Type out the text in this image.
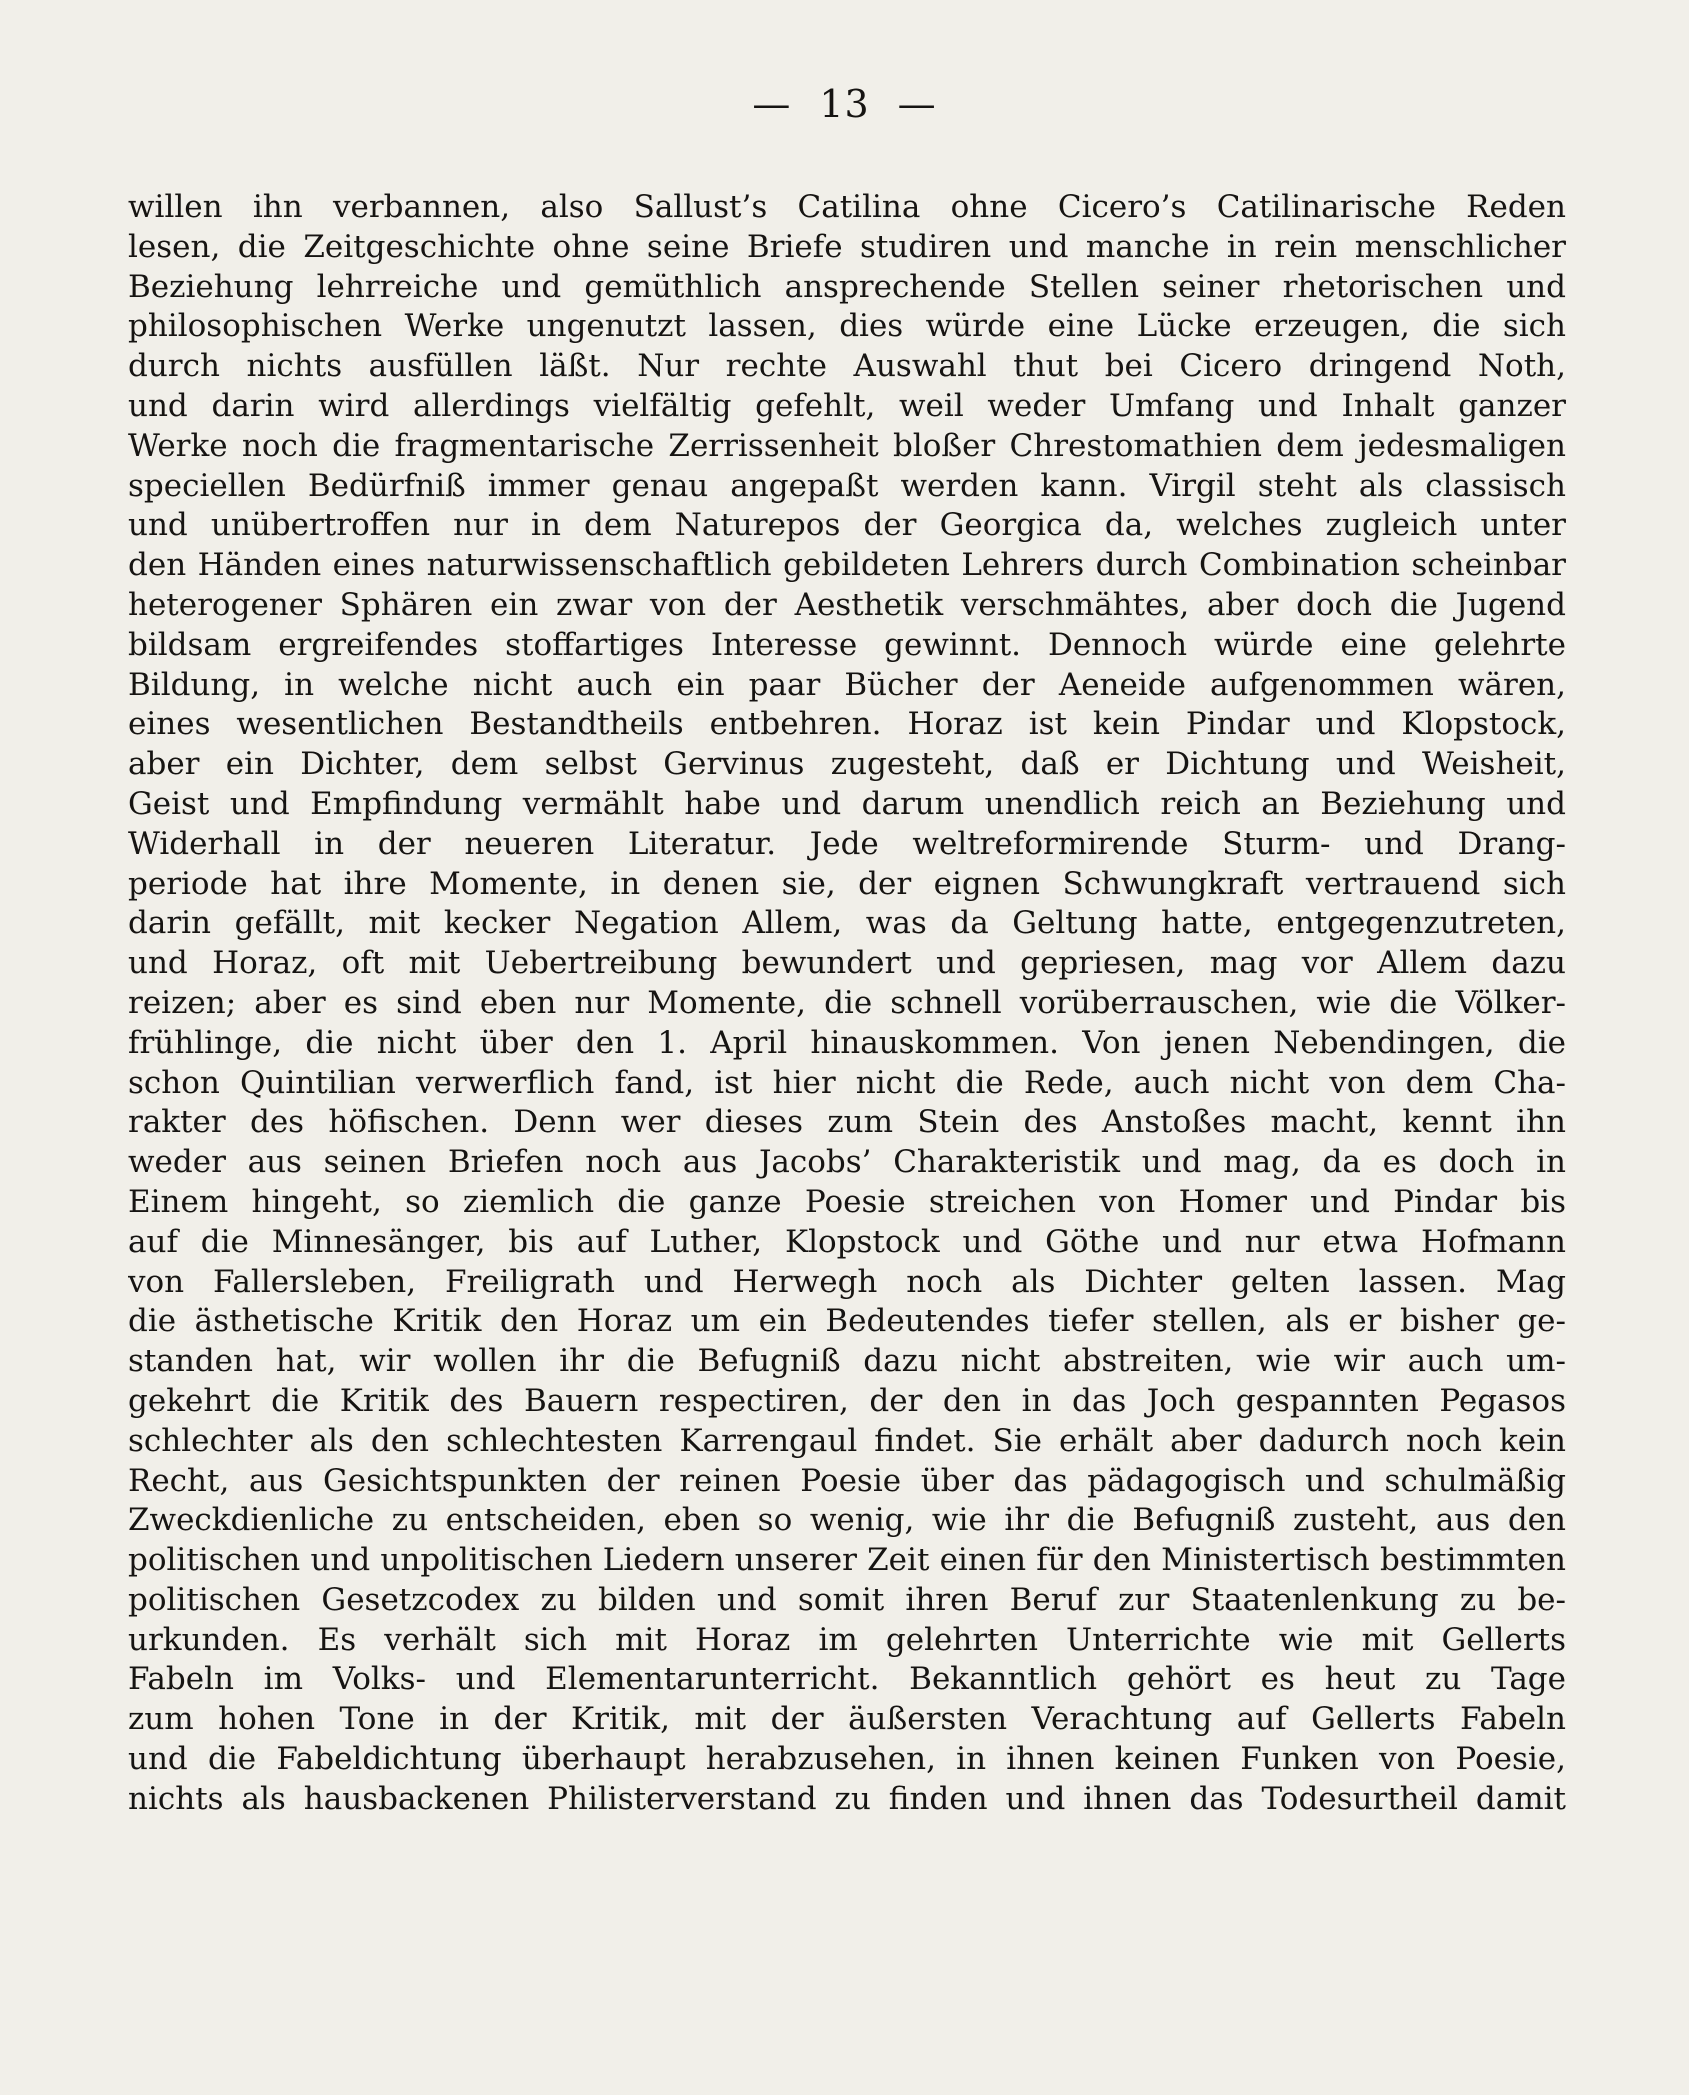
— 13 —
willen ihn verbannen, also Sallust’s Catilina ohne Cicero’s Catilinarische Reden
lesen, die Zeitgeschichte ohne seine Briefe studiren und manche in rein menschlicher
Beziehung lehrreiche und gemüthlich ansprechende Stellen seiner rhetorischen und
philosophischen Werke ungenutzt lassen, dies würde eine Lücke erzeugen, die sich
durch nichts ausfüllen läßt. Nur rechte Auswahl thut bei Cicero dringend Noth,
und darin wird allerdings vielfältig gefehlt, weil weder Umfang und Inhalt ganzer
Werke noch die fragmentarische Zerrissenheit bloßer Chrestomathien dem jedesmaligen
speciellen Bedürfniß immer genau angepaßt werden kann. Virgil steht als classisch
und unübertroffen nur in dem Naturepos der Georgica da, welches zugleich unter
den Händen eines naturwissenschaftlich gebildeten Lehrers durch Combination scheinbar
heterogener Sphären ein zwar von der Aesthetik verschmähtes, aber doch die Jugend
bildsam ergreifendes stoffartiges Interesse gewinnt. Dennoch würde eine gelehrte
Bildung, in welche nicht auch ein paar Bücher der Aeneide aufgenommen wären,
eines wesentlichen Bestandtheils entbehren. Horaz ist kein Pindar und Klopstock,
aber ein Dichter, dem selbst Gervinus zugesteht, daß er Dichtung und Weisheit,
Geist und Empfindung vermählt habe und darum unendlich reich an Beziehung und
Widerhall in der neueren Literatur. Jede weltreformirende Sturm- und Drang-
periode hat ihre Momente, in denen sie, der eignen Schwungkraft vertrauend sich
darin gefällt, mit kecker Negation Allem, was da Geltung hatte, entgegenzutreten,
und Horaz, oft mit Uebertreibung bewundert und gepriesen, mag vor Allem dazu
reizen; aber es sind eben nur Momente, die schnell vorüberrauschen, wie die Völker-
frühlinge, die nicht über den 1. April hinauskommen. Von jenen Nebendingen, die
schon Quintilian verwerflich fand, ist hier nicht die Rede, auch nicht von dem Cha-
rakter des höfischen. Denn wer dieses zum Stein des Anstoßes macht, kennt ihn
weder aus seinen Briefen noch aus Jacobs’ Charakteristik und mag, da es doch in
Einem hingeht, so ziemlich die ganze Poesie streichen von Homer und Pindar bis
auf die Minnesänger, bis auf Luther, Klopstock und Göthe und nur etwa Hofmann
von Fallersleben, Freiligrath und Herwegh noch als Dichter gelten lassen. Mag
die ästhetische Kritik den Horaz um ein Bedeutendes tiefer stellen, als er bisher ge-
standen hat, wir wollen ihr die Befugniß dazu nicht abstreiten, wie wir auch um-
gekehrt die Kritik des Bauern respectiren, der den in das Joch gespannten Pegasos
schlechter als den schlechtesten Karrengaul findet. Sie erhält aber dadurch noch kein
Recht, aus Gesichtspunkten der reinen Poesie über das pädagogisch und schulmäßig
Zweckdienliche zu entscheiden, eben so wenig, wie ihr die Befugniß zusteht, aus den
politischen und unpolitischen Liedern unserer Zeit einen für den Ministertisch bestimmten
politischen Gesetzcodex zu bilden und somit ihren Beruf zur Staatenlenkung zu be-
urkunden. Es verhält sich mit Horaz im gelehrten Unterrichte wie mit Gellerts
Fabeln im Volks- und Elementarunterricht. Bekanntlich gehört es heut zu Tage
zum hohen Tone in der Kritik, mit der äußersten Verachtung auf Gellerts Fabeln
und die Fabeldichtung überhaupt herabzusehen, in ihnen keinen Funken von Poesie,
nichts als hausbackenen Philisterverstand zu finden und ihnen das Todesurtheil damit
